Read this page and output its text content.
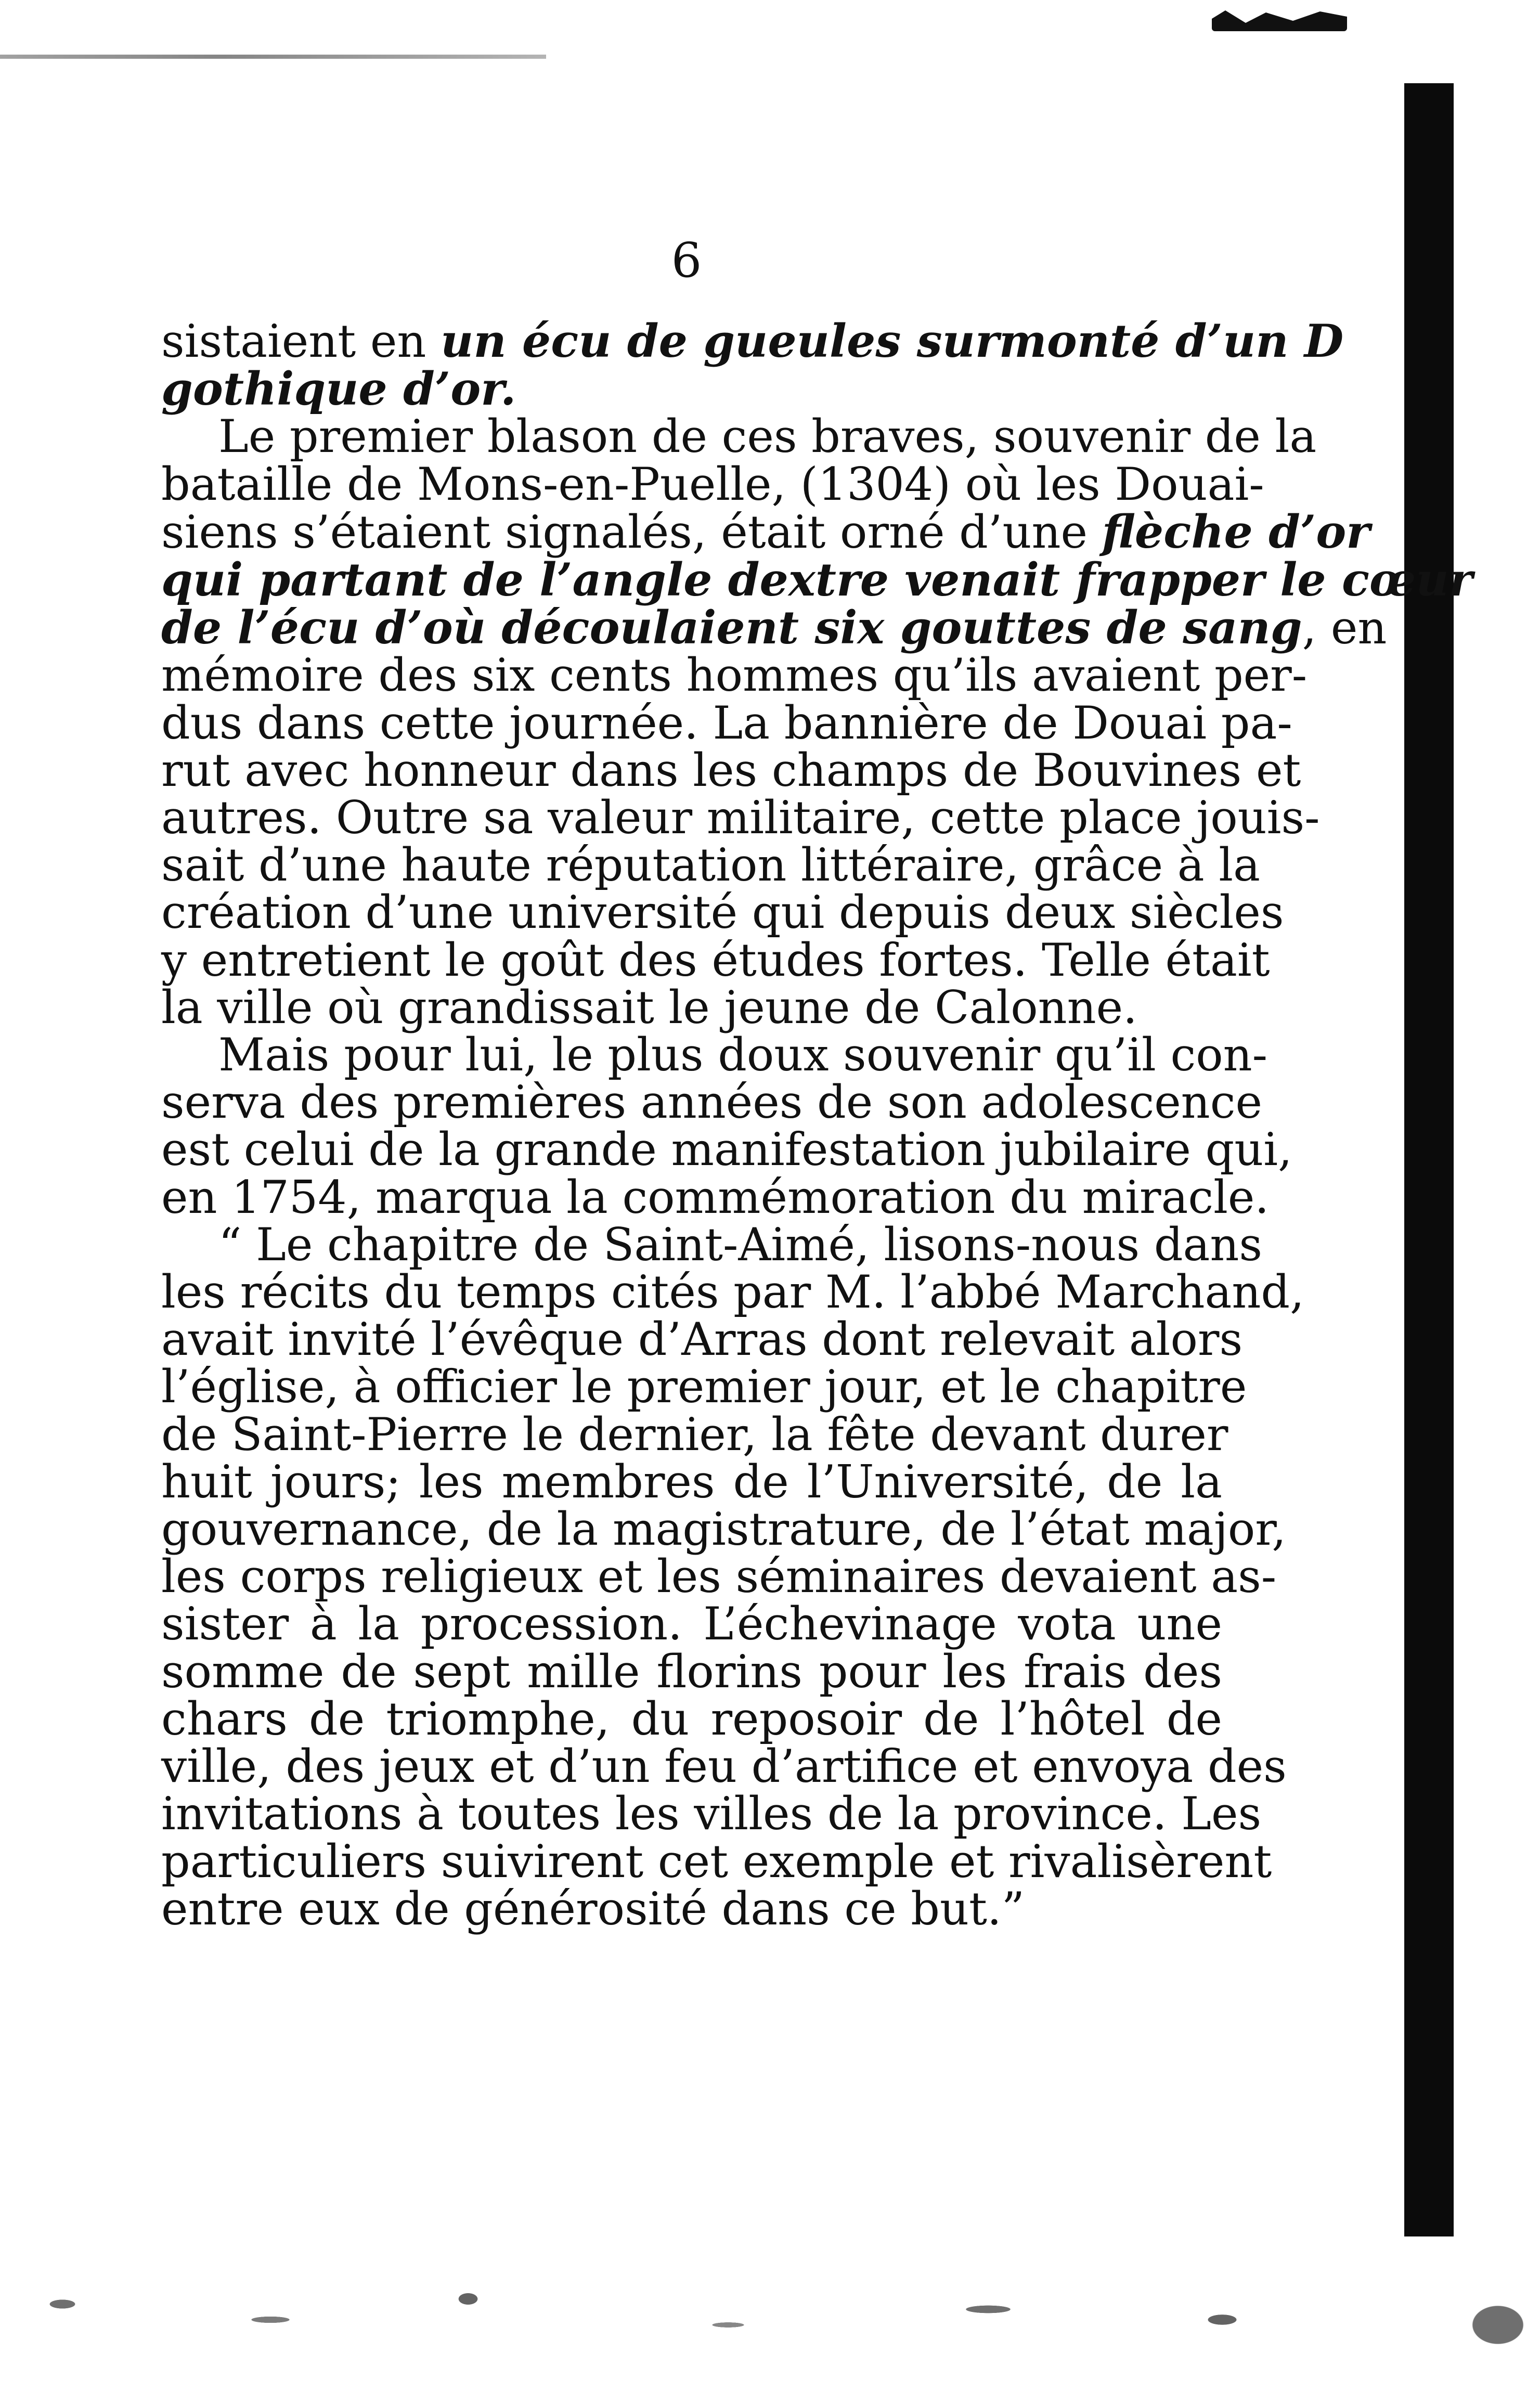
6
sistaient en un écu de gueules surmonté d’un D
gothique d’or.
Le premier blason de ces braves, souvenir de la
bataille de Mons-en-Puelle, (1304) où les Douai-
siens s’étaient signalés, était orné d’une flèche d’or
qui partant de l’angle dextre venait frapper le cœur
de l’écu d’où découlaient six gouttes de sang, en
mémoire des six cents hommes qu’ils avaient per-
dus dans cette journée. La bannière de Douai pa-
rut avec honneur dans les champs de Bouvines et
autres. Outre sa valeur militaire, cette place jouis-
sait d’une haute réputation littéraire, grâce à la
création d’une université qui depuis deux siècles
y entretient le goût des études fortes. Telle était
la ville où grandissait le jeune de Calonne.
Mais pour lui, le plus doux souvenir qu’il con-
serva des premières années de son adolescence
est celui de la grande manifestation jubilaire qui,
en 1754, marqua la commémoration du miracle.
“ Le chapitre de Saint-Aimé, lisons-nous dans
les récits du temps cités par M. l’abbé Marchand,
avait invité l’évêque d’Arras dont relevait alors
l’église, à officier le premier jour, et le chapitre
de Saint-Pierre le dernier, la fête devant durer
huit jours; les membres de l’Université, de la
gouvernance, de la magistrature, de l’état major,
les corps religieux et les séminaires devaient as-
sister à la procession. L’échevinage vota une
somme de sept mille florins pour les frais des
chars de triomphe, du reposoir de l’hôtel de
ville, des jeux et d’un feu d’artifice et envoya des
invitations à toutes les villes de la province. Les
particuliers suivirent cet exemple et rivalisèrent
entre eux de générosité dans ce but.”
